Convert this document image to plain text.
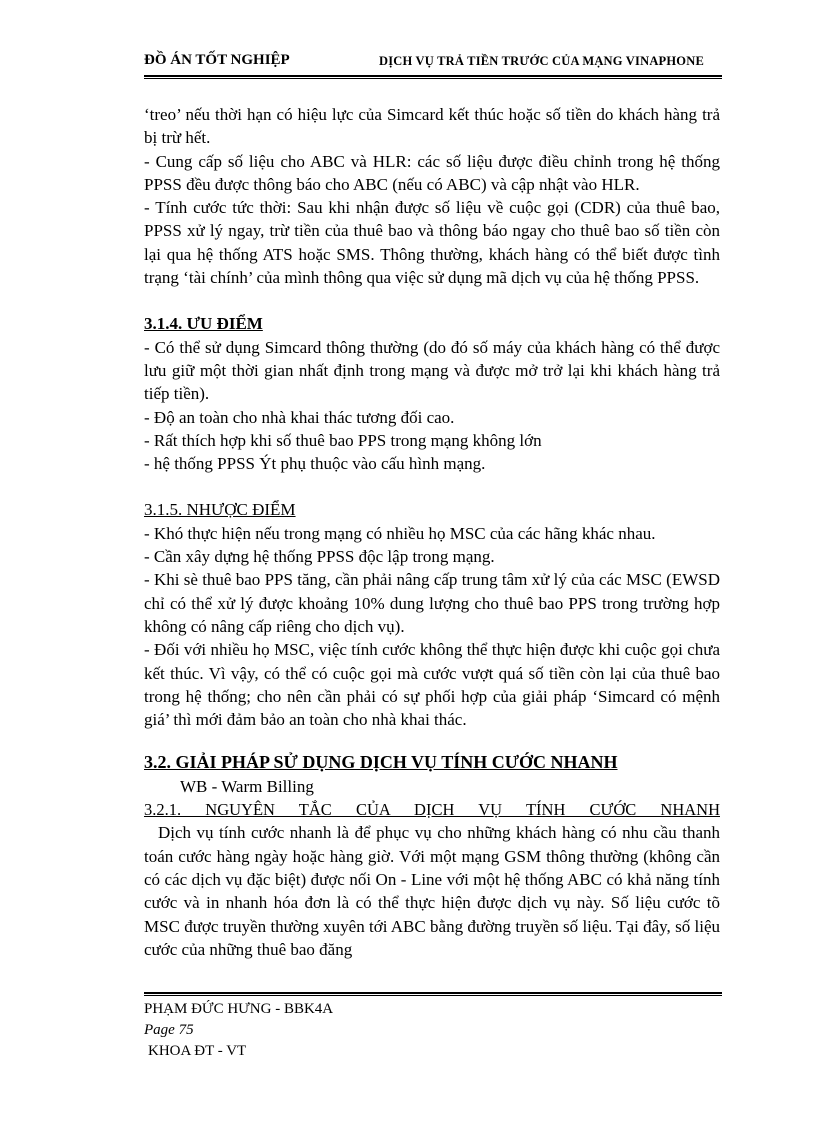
ĐỒ ÁN TỐT NGHIỆP	DỊCH VỤ TRẢ TIỀN TRƯỚC CỦA MẠNG VINAPHONE

‘treo’ nếu thời hạn có hiệu lực của Simcard kết thúc hoặc số tiền do khách hàng trả bị trừ hết.

- Cung cấp số liệu cho ABC và HLR: các số liệu được điều chỉnh trong hệ thống PPSS đều được thông báo cho ABC (nếu có ABC) và cập nhật vào HLR.

- Tính cước tức thời: Sau khi nhận được số liệu về cuộc gọi (CDR) của thuê bao, PPSS xử lý ngay, trừ tiền của thuê bao và thông báo ngay cho thuê bao số tiền còn lại qua hệ thống ATS hoặc SMS. Thông thường, khách hàng có thể biết được tình trạng ‘tài chính’ của mình thông qua việc sử dụng mã dịch vụ của hệ thống PPSS.

3.1.4. ƯU ĐIỂM

- Có thể sử dụng Simcard thông thường (do đó số máy của khách hàng có thể được lưu giữ một thời gian nhất định trong mạng và được mở trở lại khi khách hàng trả tiếp tiền).

- Độ an toàn cho nhà khai thác tương đối cao.

- Rất thích hợp khi số thuê bao PPS trong mạng không lớn

- hệ thống PPSS Ýt phụ thuộc vào cấu hình mạng.

3.1.5. NHƯỢC ĐIỂM

- Khó thực hiện nếu trong mạng có nhiều họ MSC của các hãng khác nhau.

- Cần xây dựng hệ thống PPSS độc lập trong mạng.

- Khi sè thuê bao PPS tăng, cần phải nâng cấp trung tâm xử lý của các MSC (EWSD chỉ có thể xử lý được khoảng 10% dung lượng cho thuê bao PPS trong trường hợp không có nâng cấp riêng cho dịch vụ).

- Đối với nhiều họ MSC, việc tính cước không thể thực hiện được khi cuộc gọi chưa kết thúc. Vì vậy, có thể có cuộc gọi mà cước vượt quá số tiền còn lại của thuê bao trong hệ thống; cho nên cần phải có sự phối hợp của giải pháp ‘Simcard có mệnh giá’ thì mới đảm bảo an toàn cho nhà khai thác.

3.2. GIẢI PHÁP SỬ DỤNG DỊCH VỤ TÍNH CƯỚC NHANH

WB - Warm Billing

3.2.1. NGUYÊN TẮC CỦA DỊCH VỤ TÍNH CƯỚC NHANH

Dịch vụ tính cước nhanh là để phục vụ cho những khách hàng có nhu cầu thanh toán cước hàng ngày hoặc hàng giờ. Với một mạng GSM thông thường (không cần có các dịch vụ đặc biệt) được nối On - Line với một hệ thống ABC có khả năng tính cước và in nhanh hóa đơn là có thể thực hiện được dịch vụ này. Số liệu cước tõ MSC được truyền thường xuyên tới ABC bằng đường truyền số liệu. Tại đây, số liệu cước của những thuê bao đăng

PHẠM ĐỨC HƯNG - BBK4A
Page 75
KHOA ĐT - VT
